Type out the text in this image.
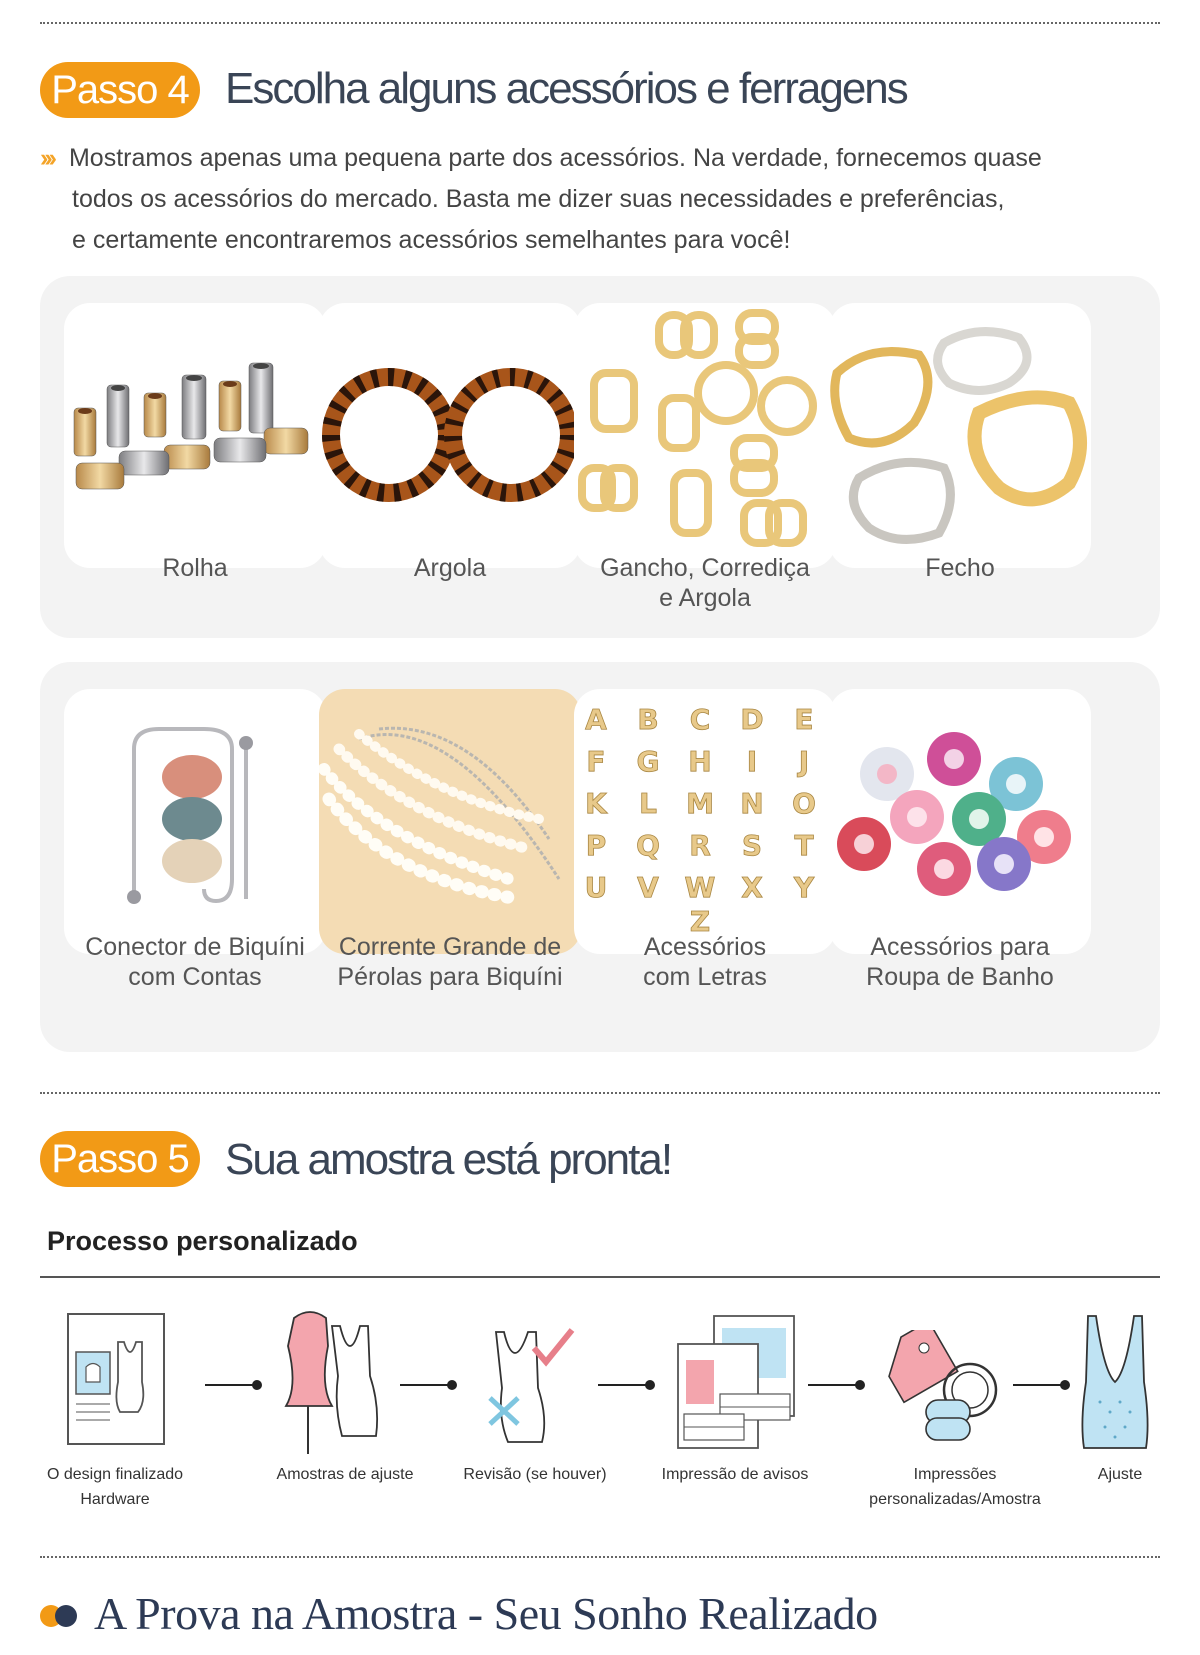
Passo 4 Escolha alguns acessórios e ferragens

››› Mostramos apenas uma pequena parte dos acessórios. Na verdade, fornecemos quase

todos os acessórios do mercado. Basta me dizer suas necessidades e preferências,

e certamente encontraremos acessórios semelhantes para você!

Rolha	Argola	Gancho, Corrediça
e Argola
Fecho
Conector de Biquíni
com Contas
Corrente Grande de
Pérolas para Biquíni
A B C D E
F G H I J
K L M N O
P Q R S T
U V W X Y
Z
Acessórios
com Letras
Acessórios para
Roupa de Banho
Passo 5 Sua amostra está pronta!
Processo personalizado
O design finalizado
Hardware
Amostras de ajuste	Revisão (se houver)	Impressão de avisos	Impressões
personalizadas/Amostra
Ajuste
A Prova na Amostra - Seu Sonho Realizado
